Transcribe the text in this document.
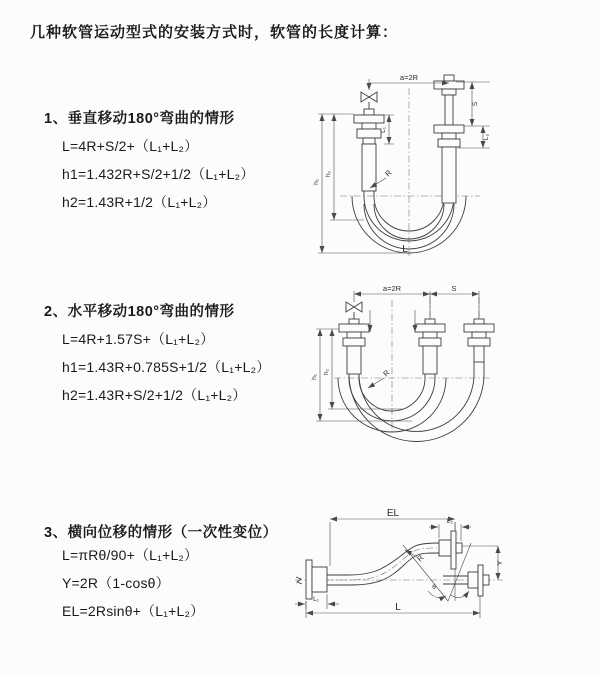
几种软管运动型式的安装方式时，软管的长度计算：
1、垂直移动180°弯曲的情形
L=4R+S/2+（L₁+L₂）
h1=1.432R+S/2+1/2（L₁+L₂）
h2=1.43R+1/2（L₁+L₂）
a=2R
L₁
S
L₂
h₁
h₂	R
L
2、水平移动180°弯曲的情形
L=4R+1.57S+（L₁+L₂）
h1=1.43R+0.785S+1/2（L₁+L₂）
h2=1.43R+S/2+1/2（L₁+L₂）
a=2R	S
h₁
h₂	R
3、横向位移的情形（一次性变位）
L=πRθ/90+（L₁+L₂）
Y=2R（1-cosθ）
EL=2Rsinθ+（L₁+L₂）
θ
EL
L₂
L₁
Y
R
L
